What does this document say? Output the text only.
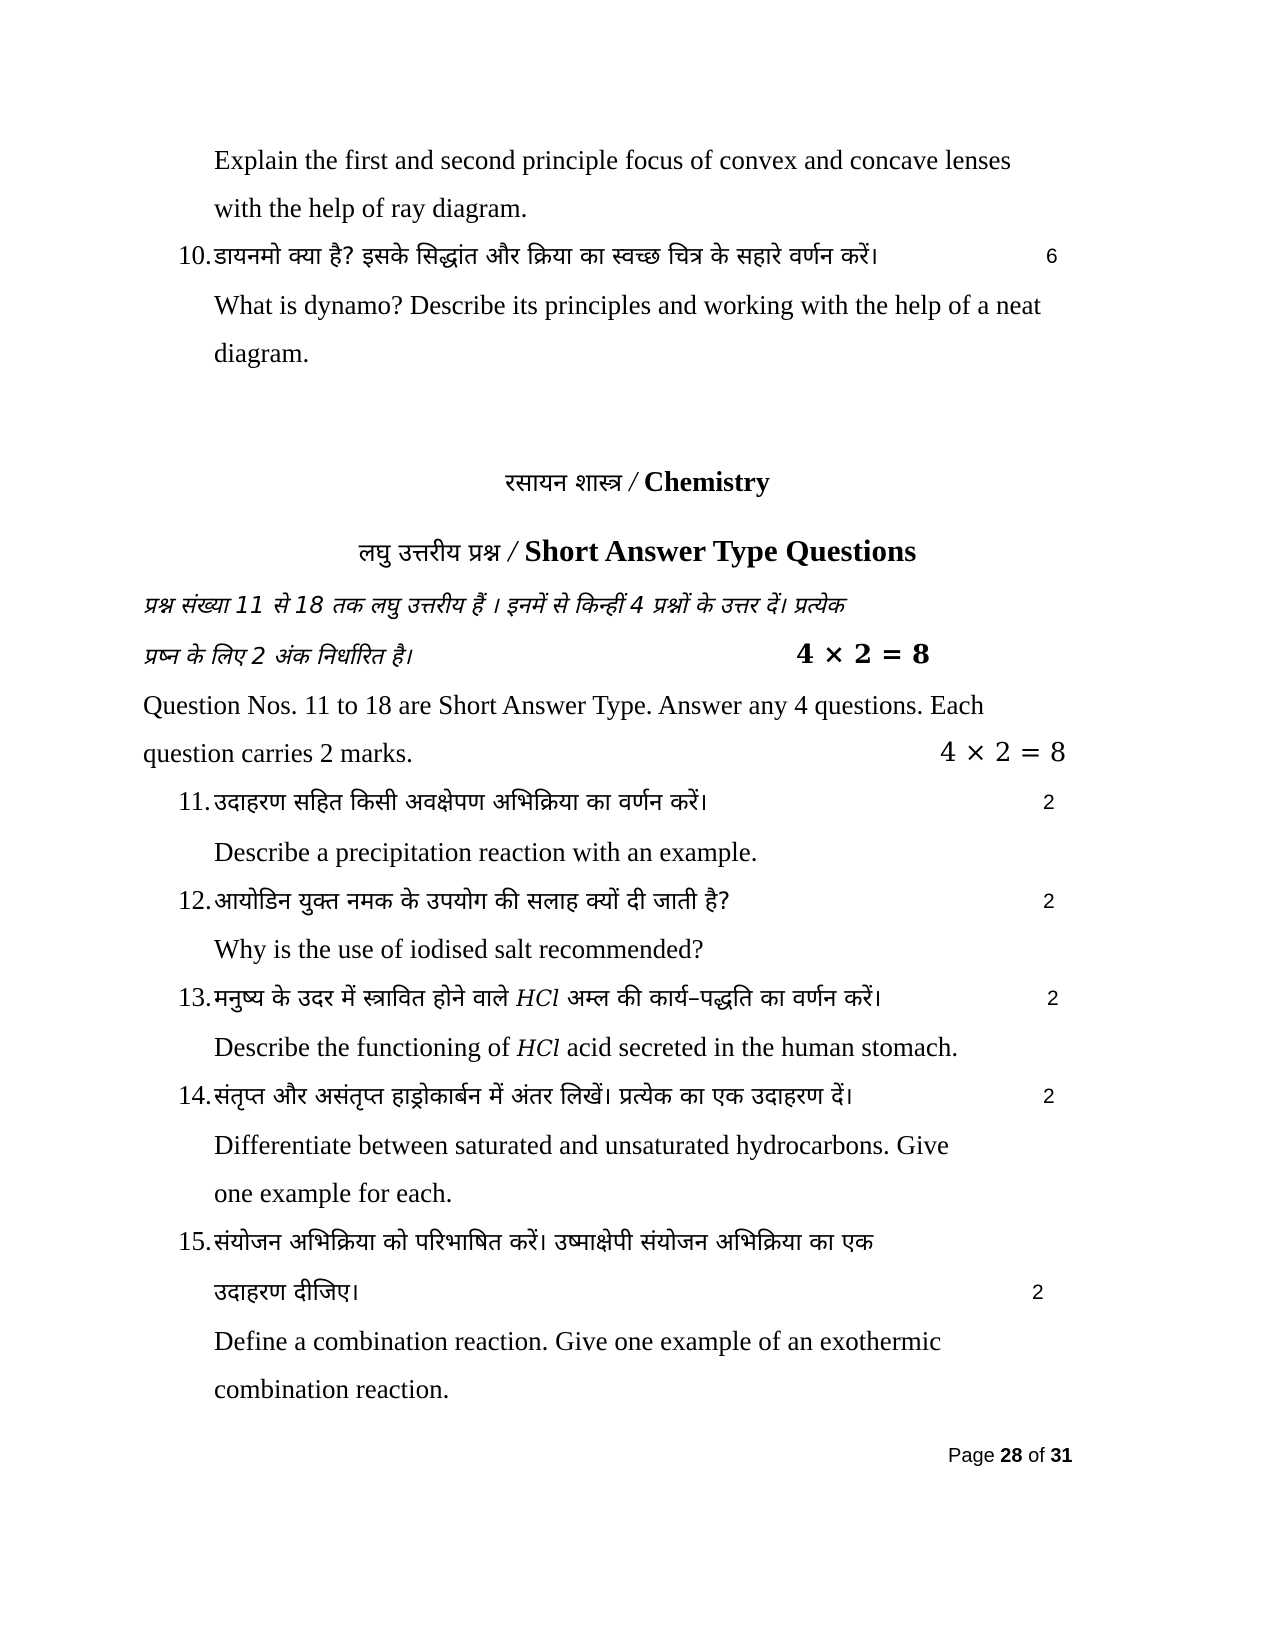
Explain the first and second principle focus of convex and concave lenses
with the help of ray diagram.
10.डायनमो क्या है? इसके सिद्धांत और क्रिया का स्वच्छ चित्र के सहारे वर्णन करें।	6
What is dynamo? Describe its principles and working with the help of a neat
diagram.
रसायन शास्त्र / Chemistry
लघु उत्तरीय प्रश्न / Short Answer Type Questions
प्रश्न संख्या 11 से 18 तक लघु उत्तरीय हैं । इनमें से किन्हीं 4 प्रश्नों के उत्तर दें। प्रत्येक
प्रष्न के लिए 2 अंक निर्धारित है।	4 × 2 = 8
Question Nos. 11 to 18 are Short Answer Type. Answer any 4 questions. Each
question carries 2 marks.	4 × 2 = 8
11. उदाहरण सहित किसी अवक्षेपण अभिक्रिया का वर्णन करें।	2
Describe a precipitation reaction with an example.
12.आयोडिन युक्त नमक के उपयोग की सलाह क्यों दी जाती है?	2
Why is the use of iodised salt recommended?
13.मनुष्य के उदर में स्त्रावित होने वाले HCl अम्ल की कार्य–पद्धति का वर्णन करें।	2
Describe the functioning of HCl acid secreted in the human stomach.
14.संतृप्त और असंतृप्त हाड्रोकार्बन में अंतर लिखें। प्रत्येक का एक उदाहरण दें।	2
Differentiate between saturated and unsaturated hydrocarbons. Give
one example for each.
15.संयोजन अभिक्रिया को परिभाषित करें। उष्माक्षेपी संयोजन अभिक्रिया का एक
उदाहरण दीजिए।	2
Define a combination reaction. Give one example of an exothermic
combination reaction.
Page 28 of 31
